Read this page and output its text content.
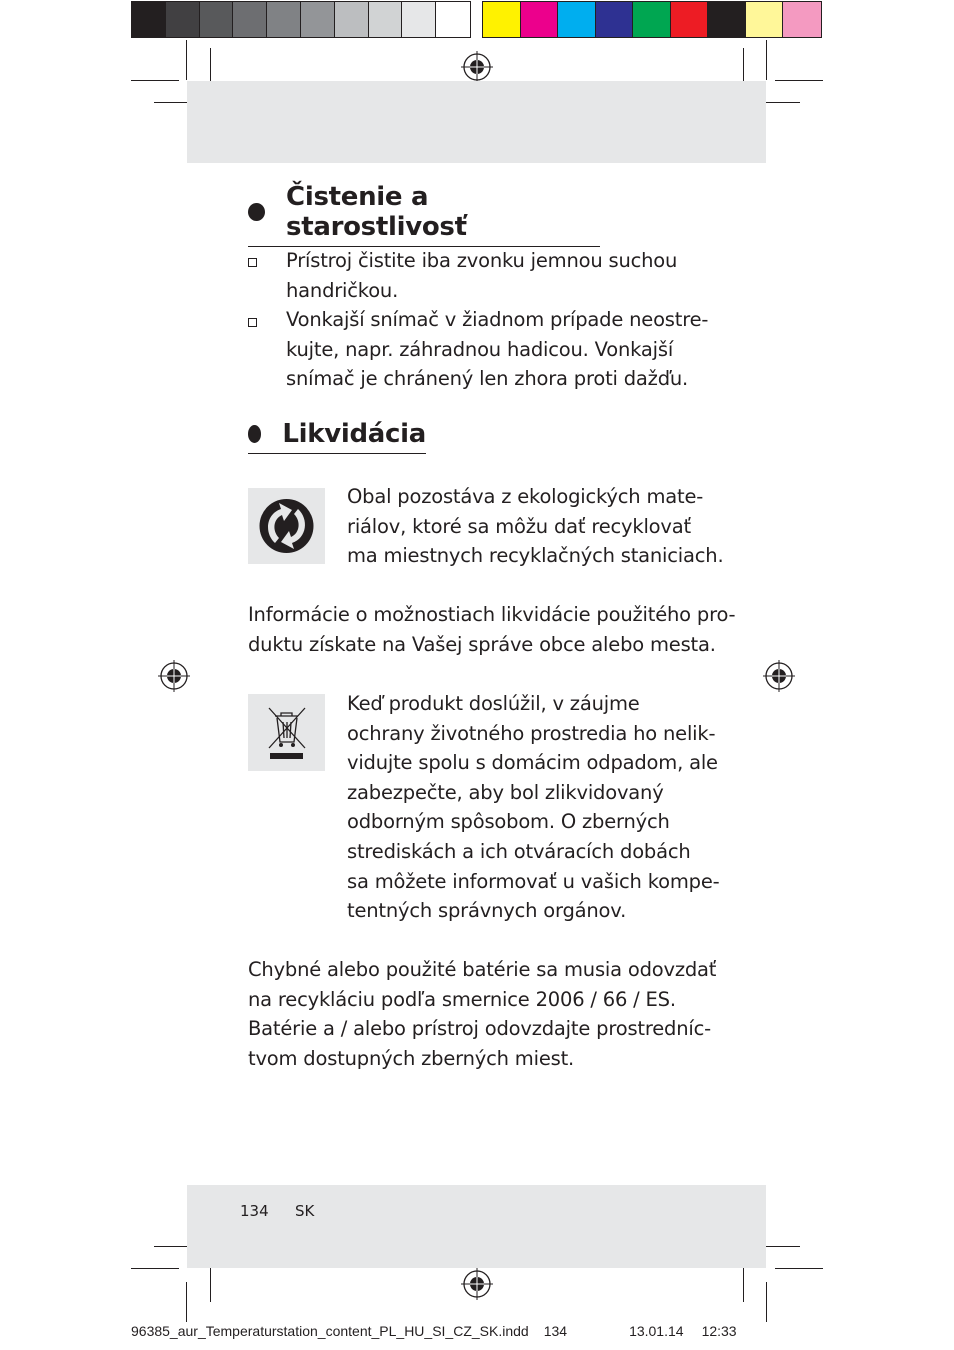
Čistenie a starostlivosť
Prístroj čistite iba zvonku jemnou suchou
handričkou.
Vonkajší snímač v žiadnom prípade neostre-
kujte, napr. záhradnou hadicou. Vonkajší
snímač je chránený len zhora proti dažďu.
Likvidácia
Obal pozostáva z ekologických mate-
riálov, ktoré sa môžu dať recyklovať
ma miestnych recyklačných staniciach.
Informácie o možnostiach likvidácie použitého pro-
duktu získate na Vašej správe obce alebo mesta.
Keď produkt doslúžil, v záujme
ochrany životného prostredia ho nelik-
vidujte spolu s domácim odpadom, ale
zabezpečte, aby bol zlikvidovaný
odborným spôsobom. O zberných
strediskách a ich otváracích dobách
sa môžete informovať u vašich kompe-
tentných správnych orgánov.
Chybné alebo použité batérie sa musia odovzdať
na recykláciu podľa smernice 2006 / 66 / ES.
Batérie a / alebo prístroj odovzdajte prostredníc-
tvom dostupných zberných miest.
134 SK
96385_aur_Temperaturstation_content_PL_HU_SI_CZ_SK.indd 134	13.01.14 12:33
